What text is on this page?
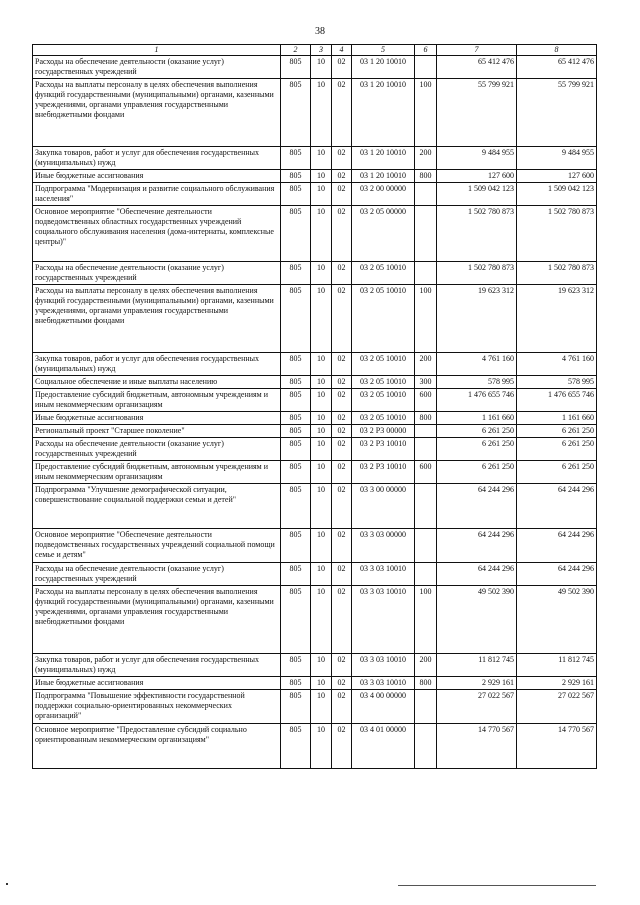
38
1	2	3	4	5	6	7	8
Расходы на обеспечение деятельности (оказание услуг) государственных учреждений	805	10	02	03 1 20 10010		65 412 476	65 412 476
Расходы на выплаты персоналу в целях обеспечения выполнения функций государственными (муниципальными) органами, казенными учреждениями, органами управления государственными внебюджетными фондами	805	10	02	03 1 20 10010	100	55 799 921	55 799 921
Закупка товаров, работ и услуг для обеспечения государственных (муниципальных) нужд	805	10	02	03 1 20 10010	200	9 484 955	9 484 955
Иные бюджетные ассигнования	805	10	02	03 1 20 10010	800	127 600	127 600
Подпрограмма "Модернизация и развитие социального обслуживания населения"	805	10	02	03 2 00 00000		1 509 042 123	1 509 042 123
Основное мероприятие "Обеспечение деятельности подведомственных областных государственных учреждений социального обслуживания населения (дома-интернаты, комплексные центры)"	805	10	02	03 2 05 00000		1 502 780 873	1 502 780 873
Расходы на обеспечение деятельности (оказание услуг) государственных учреждений	805	10	02	03 2 05 10010		1 502 780 873	1 502 780 873
Расходы на выплаты персоналу в целях обеспечения выполнения функций государственными (муниципальными) органами, казенными учреждениями, органами управления государственными внебюджетными фондами	805	10	02	03 2 05 10010	100	19 623 312	19 623 312
Закупка товаров, работ и услуг для обеспечения государственных (муниципальных) нужд	805	10	02	03 2 05 10010	200	4 761 160	4 761 160
Социальное обеспечение и иные выплаты населению	805	10	02	03 2 05 10010	300	578 995	578 995
Предоставление субсидий бюджетным, автономным учреждениям и иным некоммерческим организациям	805	10	02	03 2 05 10010	600	1 476 655 746	1 476 655 746
Иные бюджетные ассигнования	805	10	02	03 2 05 10010	800	1 161 660	1 161 660
Региональный проект "Старшее поколение"	805	10	02	03 2 P3 00000		6 261 250	6 261 250
Расходы на обеспечение деятельности (оказание услуг) государственных учреждений	805	10	02	03 2 P3 10010		6 261 250	6 261 250
Предоставление субсидий бюджетным, автономным учреждениям и иным некоммерческим организациям	805	10	02	03 2 P3 10010	600	6 261 250	6 261 250
Подпрограмма "Улучшение демографической ситуации, совершенствование социальной поддержки семьи и детей"	805	10	02	03 3 00 00000		64 244 296	64 244 296
Основное мероприятие "Обеспечение деятельности подведомственных государственных учреждений социальной помощи семье и детям"	805	10	02	03 3 03 00000		64 244 296	64 244 296
Расходы на обеспечение деятельности (оказание услуг) государственных учреждений	805	10	02	03 3 03 10010		64 244 296	64 244 296
Расходы на выплаты персоналу в целях обеспечения выполнения функций государственными (муниципальными) органами, казенными учреждениями, органами управления государственными внебюджетными фондами	805	10	02	03 3 03 10010	100	49 502 390	49 502 390
Закупка товаров, работ и услуг для обеспечения государственных (муниципальных) нужд	805	10	02	03 3 03 10010	200	11 812 745	11 812 745
Иные бюджетные ассигнования	805	10	02	03 3 03 10010	800	2 929 161	2 929 161
Подпрограмма "Повышение эффективности государственной поддержки социально-ориентированных некоммерческих организаций"	805	10	02	03 4 00 00000		27 022 567	27 022 567
Основное мероприятие "Предоставление субсидий социально ориентированным некоммерческим организациям"	805	10	02	03 4 01 00000		14 770 567	14 770 567
